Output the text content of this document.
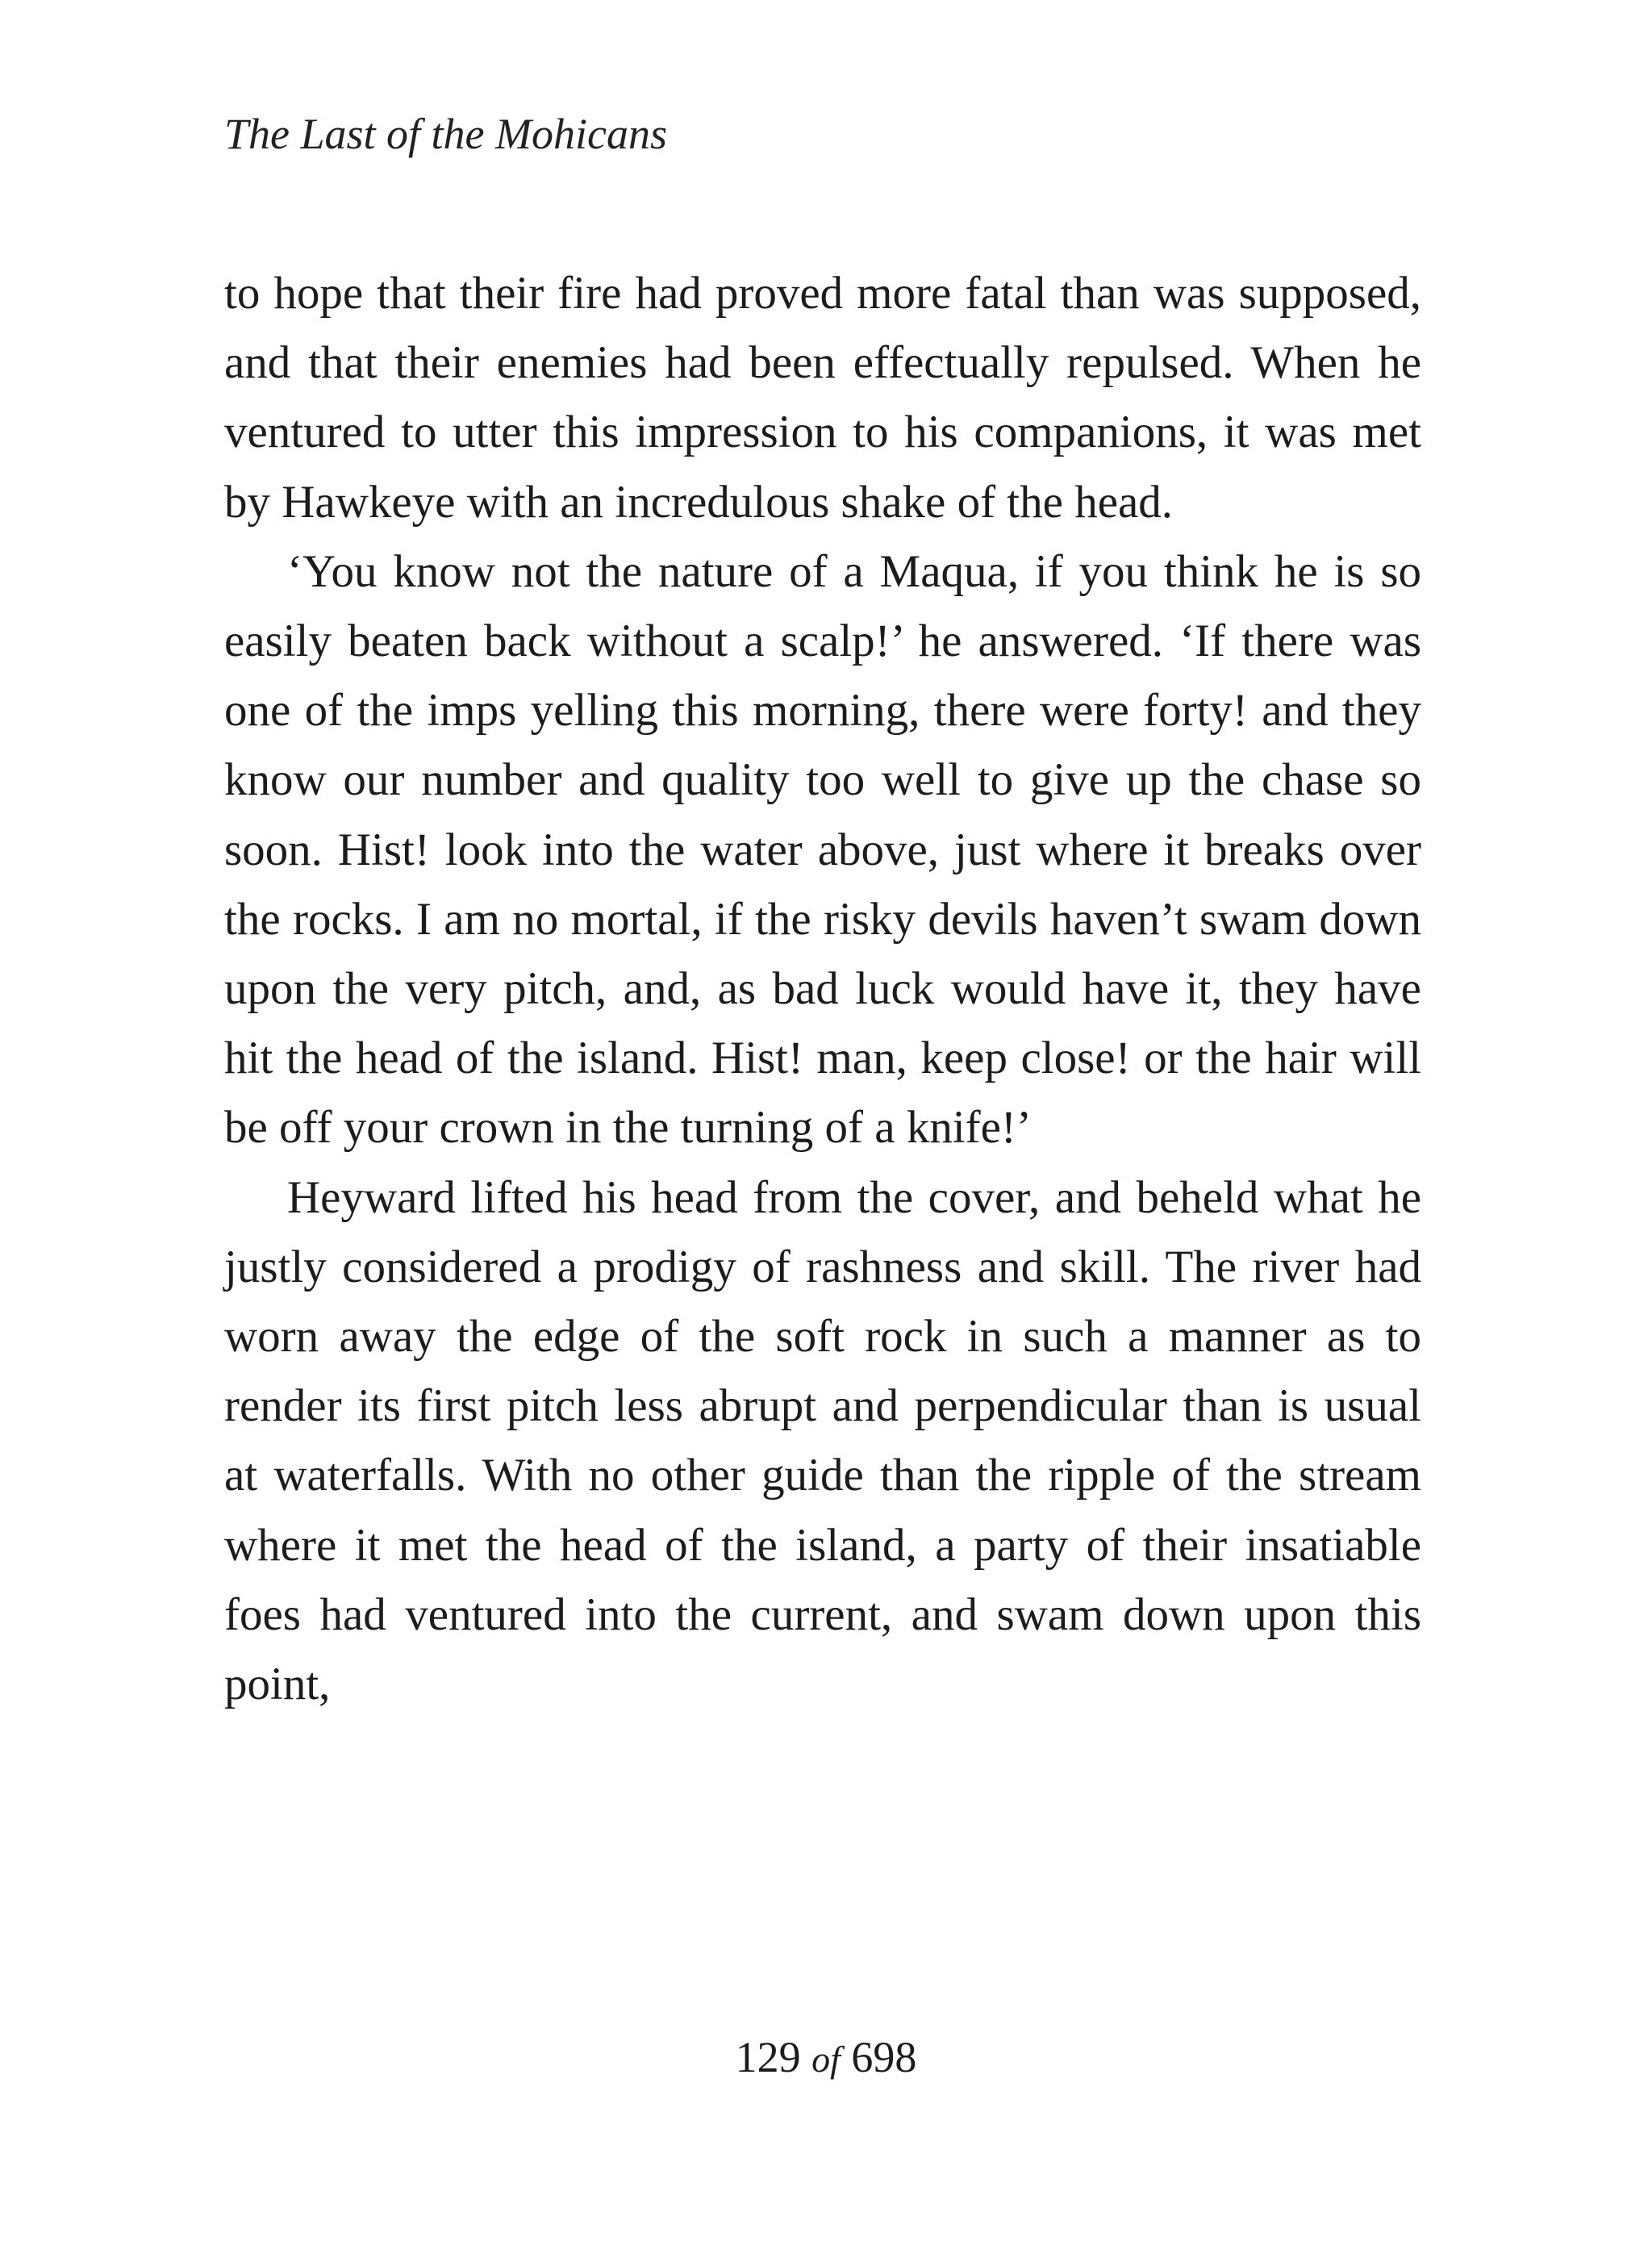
The Last of the Mohicans

to hope that their fire had proved more fatal than was supposed, and that their enemies had been effectually repulsed. When he ventured to utter this impression to his companions, it was met by Hawkeye with an incredulous shake of the head.

‘You know not the nature of a Maqua, if you think he is so easily beaten back without a scalp!’ he answered. ‘If there was one of the imps yelling this morning, there were forty! and they know our number and quality too well to give up the chase so soon. Hist! look into the water above, just where it breaks over the rocks. I am no mortal, if the risky devils haven’t swam down upon the very pitch, and, as bad luck would have it, they have hit the head of the island. Hist! man, keep close! or the hair will be off your crown in the turning of a knife!’

Heyward lifted his head from the cover, and beheld what he justly considered a prodigy of rashness and skill. The river had worn away the edge of the soft rock in such a manner as to render its first pitch less abrupt and perpendicular than is usual at waterfalls. With no other guide than the ripple of the stream where it met the head of the island, a party of their insatiable foes had ventured into the current, and swam down upon this point,

129 of 698
